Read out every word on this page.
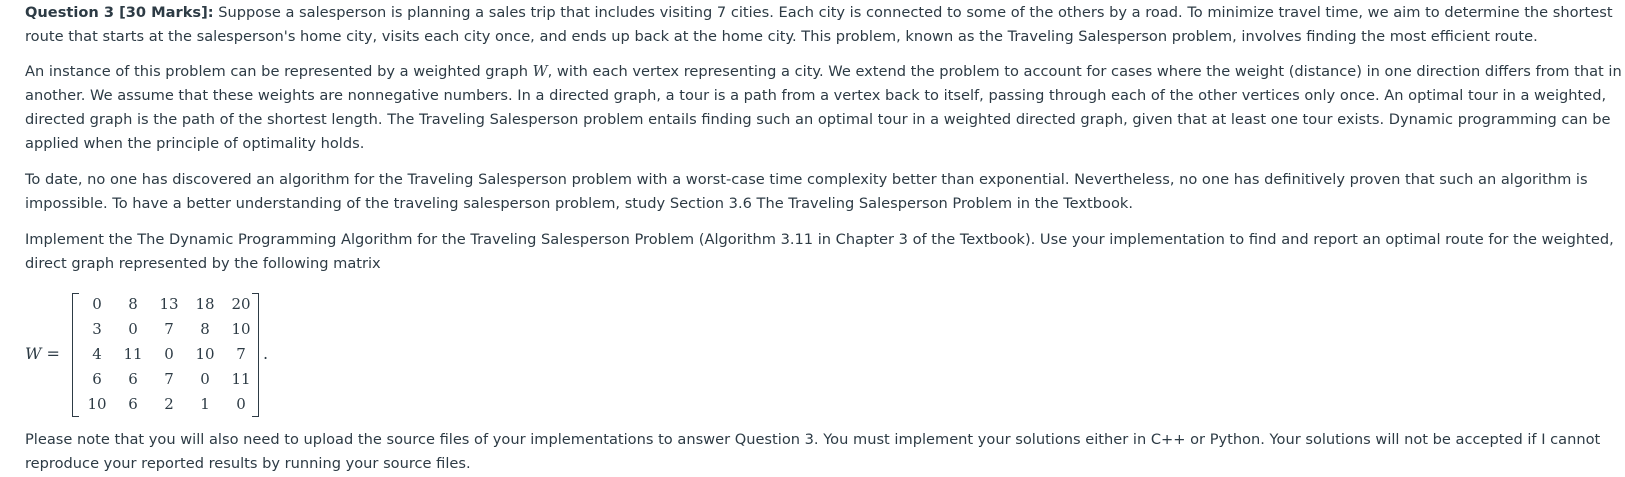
Question 3 [30 Marks]: Suppose a salesperson is planning a sales trip that includes visiting 7 cities. Each city is connected to some of the others by a road. To minimize travel time, we aim to determine the shortest route that starts at the salesperson's home city, visits each city once, and ends up back at the home city. This problem, known as the Traveling Salesperson problem, involves finding the most efficient route.

An instance of this problem can be represented by a weighted graph W, with each vertex representing a city. We extend the problem to account for cases where the weight (distance) in one direction differs from that in another. We assume that these weights are nonnegative numbers. In a directed graph, a tour is a path from a vertex back to itself, passing through each of the other vertices only once. An optimal tour in a weighted, directed graph is the path of the shortest length. The Traveling Salesperson problem entails finding such an optimal tour in a weighted directed graph, given that at least one tour exists. Dynamic programming can be applied when the principle of optimality holds.

To date, no one has discovered an algorithm for the Traveling Salesperson problem with a worst-case time complexity better than exponential. Nevertheless, no one has definitively proven that such an algorithm is impossible. To have a better understanding of the traveling salesperson problem, study Section 3.6 The Traveling Salesperson Problem in the Textbook.

Implement the The Dynamic Programming Algorithm for the Traveling Salesperson Problem (Algorithm 3.11 in Chapter 3 of the Textbook). Use your implementation to find and report an optimal route for the weighted, direct graph represented by the following matrix

W =
0	8	13	18	20
3	0	7	8	10
4	11	0	10	7
6	6	7	0	11
10	6	2	1	0
.

Please note that you will also need to upload the source files of your implementations to answer Question 3. You must implement your solutions either in C++ or Python. Your solutions will not be accepted if I cannot reproduce your reported results by running your source files.
